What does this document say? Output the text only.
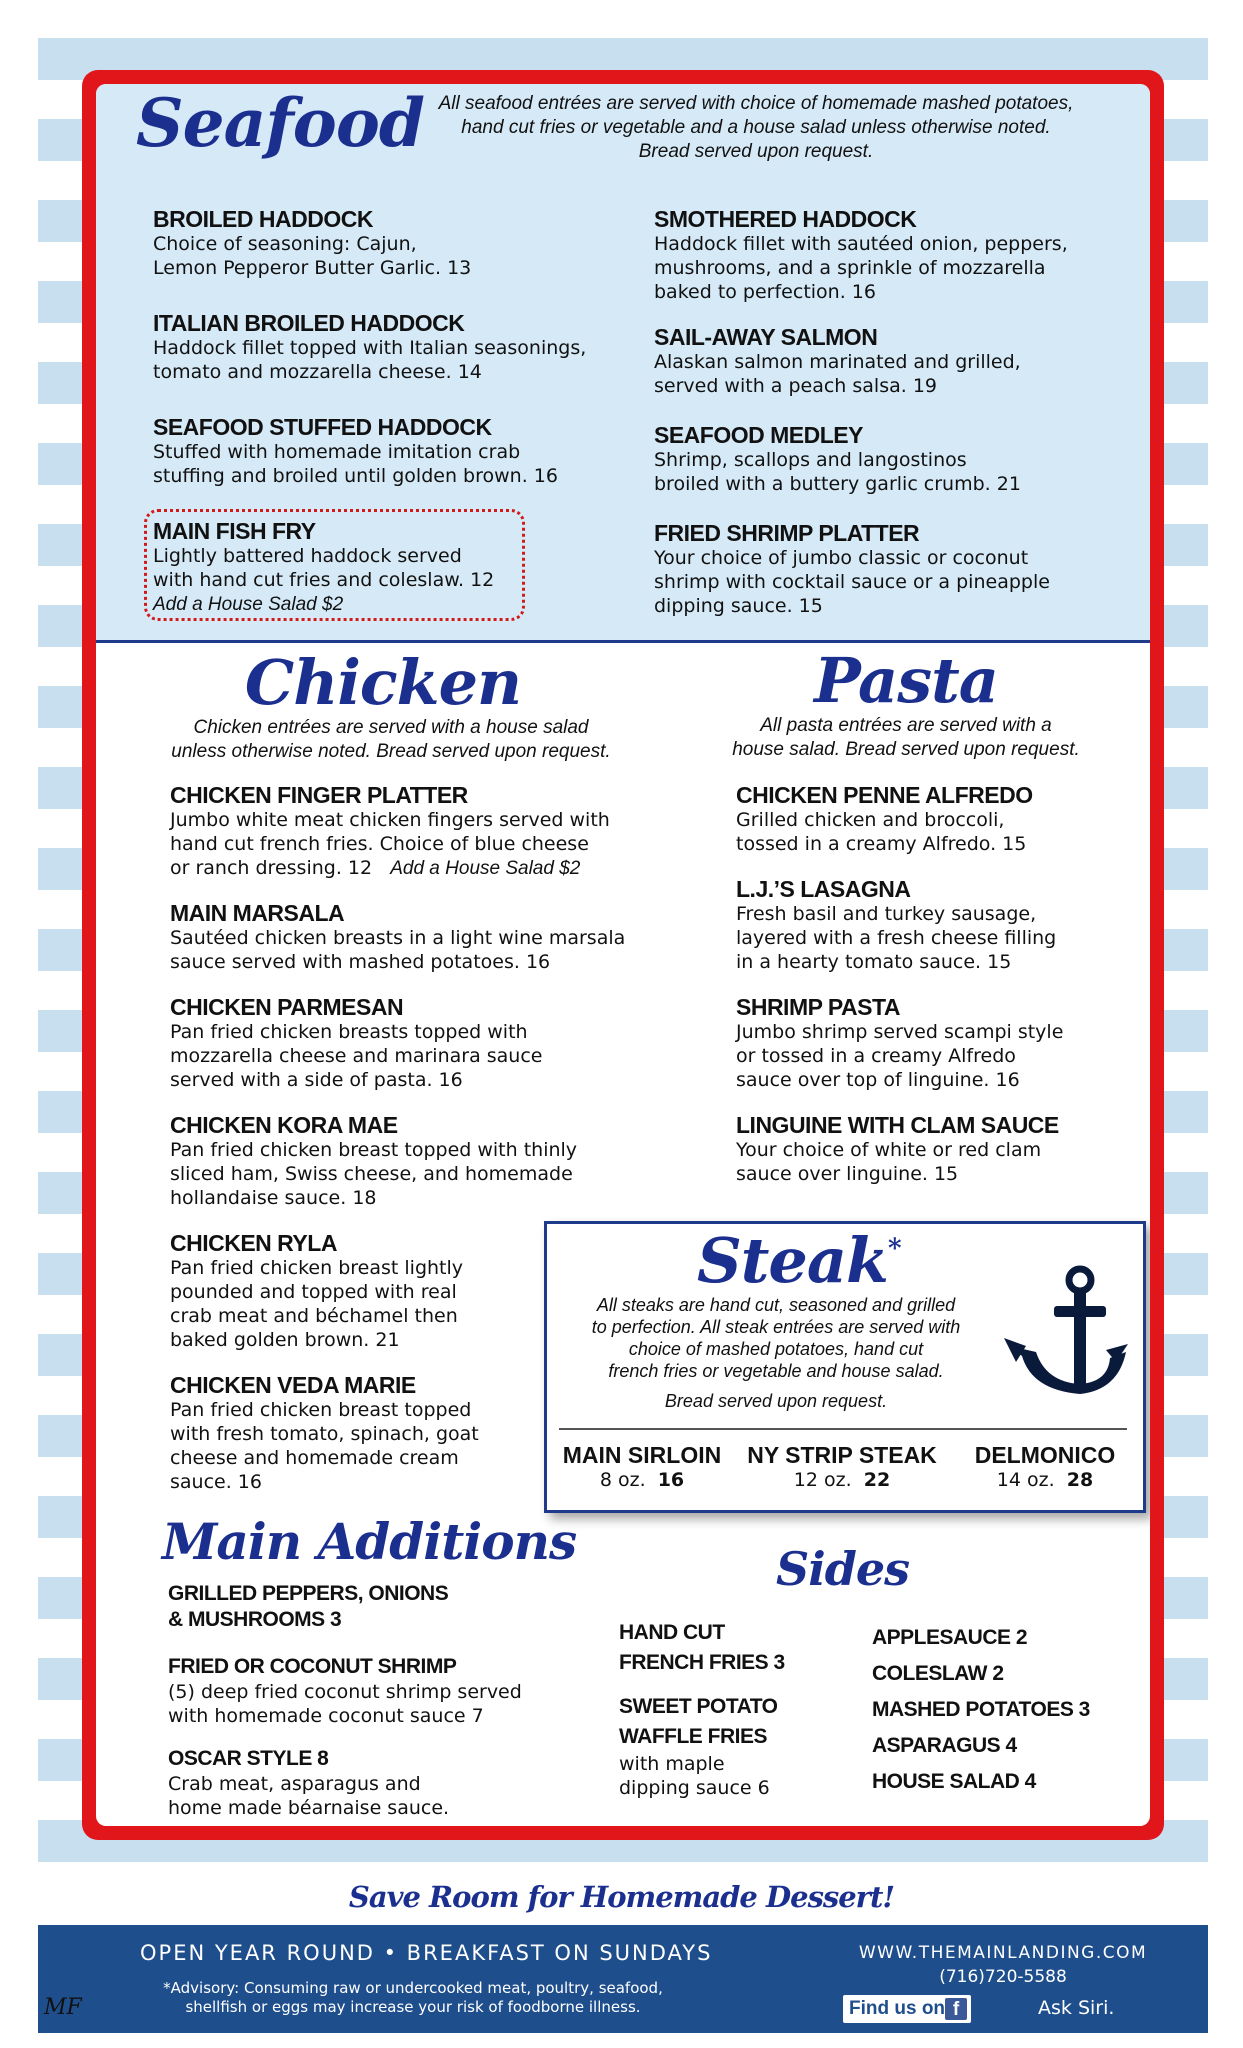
Seafood All seafood entrées are served with choice of homemade mashed potatoes,
hand cut fries or vegetable and a house salad unless otherwise noted.
Bread served upon request.
BROILED HADDOCK
Choice of seasoning: Cajun,
Lemon Pepperor Butter Garlic. 13
ITALIAN BROILED HADDOCK
Haddock fillet topped with Italian seasonings,
tomato and mozzarella cheese. 14
SEAFOOD STUFFED HADDOCK
Stuffed with homemade imitation crab
stuffing and broiled until golden brown. 16
MAIN FISH FRY
Lightly battered haddock served
with hand cut fries and coleslaw. 12
Add a House Salad $2
SMOTHERED HADDOCK
Haddock fillet with sautéed onion, peppers,
mushrooms, and a sprinkle of mozzarella
baked to perfection. 16
SAIL-AWAY SALMON
Alaskan salmon marinated and grilled,
served with a peach salsa. 19
SEAFOOD MEDLEY
Shrimp, scallops and langostinos
broiled with a buttery garlic crumb. 21
FRIED SHRIMP PLATTER
Your choice of jumbo classic or coconut
shrimp with cocktail sauce or a pineapple
dipping sauce. 15
Chicken
Chicken entrées are served with a house salad
unless otherwise noted. Bread served upon request.
CHICKEN FINGER PLATTER
Jumbo white meat chicken fingers served with
hand cut french fries. Choice of blue cheese
or ranch dressing. 12 Add a House Salad $2
MAIN MARSALA
Sautéed chicken breasts in a light wine marsala
sauce served with mashed potatoes. 16
CHICKEN PARMESAN
Pan fried chicken breasts topped with
mozzarella cheese and marinara sauce
served with a side of pasta. 16
CHICKEN KORA MAE
Pan fried chicken breast topped with thinly
sliced ham, Swiss cheese, and homemade
hollandaise sauce. 18
CHICKEN RYLA
Pan fried chicken breast lightly
pounded and topped with real
crab meat and béchamel then
baked golden brown. 21
CHICKEN VEDA MARIE
Pan fried chicken breast topped
with fresh tomato, spinach, goat
cheese and homemade cream
sauce. 16
Pasta
All pasta entrées are served with a
house salad. Bread served upon request.
CHICKEN PENNE ALFREDO
Grilled chicken and broccoli,
tossed in a creamy Alfredo. 15
L.J.’S LASAGNA
Fresh basil and turkey sausage,
layered with a fresh cheese filling
in a hearty tomato sauce. 15
SHRIMP PASTA
Jumbo shrimp served scampi style
or tossed in a creamy Alfredo
sauce over top of linguine. 16
LINGUINE WITH CLAM SAUCE
Your choice of white or red clam
sauce over linguine. 15
Steak*
All steaks are hand cut, seasoned and grilled
to perfection. All steak entrées are served with
choice of mashed potatoes, hand cut
french fries or vegetable and house salad.
Bread served upon request.
MAIN SIRLOIN
8 oz. 16
NY STRIP STEAK
12 oz. 22
DELMONICO
14 oz. 28
Main Additions
GRILLED PEPPERS, ONIONS
& MUSHROOMS 3
FRIED OR COCONUT SHRIMP
(5) deep fried coconut shrimp served
with homemade coconut sauce 7
OSCAR STYLE 8
Crab meat, asparagus and
home made béarnaise sauce.
Sides
HAND CUT
FRENCH FRIES 3
SWEET POTATO
WAFFLE FRIES
with maple
dipping sauce 6
APPLESAUCE 2
COLESLAW 2
MASHED POTATOES 3
ASPARAGUS 4
HOUSE SALAD 4
Save Room for Homemade Dessert!
OPEN YEAR ROUND • BREAKFAST ON SUNDAYS
*Advisory: Consuming raw or undercooked meat, poultry, seafood,
shellfish or eggs may increase your risk of foodborne illness.
WWW.THEMAINLANDING.COM
(716)720-5588
Find us on f	Ask Siri.
MF
